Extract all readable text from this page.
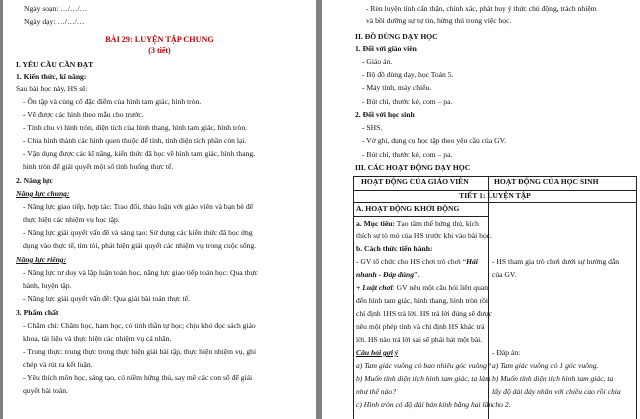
Ngày soạn: …/…/…
Ngày dạy: …/…/…
BÀI 29: LUYỆN TẬP CHUNG
(3 tiết)
I. YÊU CẦU CẦN ĐẠT
1. Kiến thức, kĩ năng:
Sau bài học này, HS sẽ:
- Ôn tập và củng cố đặc điểm của hình tam giác, hình tròn.
- Vẽ được các hình theo mẫu cho trước.
- Tính chu vi hình tròn, diện tích của hình thang, hình tam giác, hình tròn.
- Chia hình thành các hình quen thuộc để tính, tính diện tích phần còn lại.
- Vận dụng được các kĩ năng, kiến thức đã học về hình tam giác, hình thang,
hình tròn để giải quyết một số tình huống thực tế.
2. Năng lực
Năng lực chung:
- Năng lực giao tiếp, hợp tác: Trao đổi, thảo luận với giáo viên và bạn bè để
thực hiện các nhiệm vụ học tập.
- Năng lực giải quyết vấn đề và sáng tạo: Sử dụng các kiến thức đã học ứng
dụng vào thực tế, tìm tòi, phát hiện giải quyết các nhiệm vụ trong cuộc sống.
Năng lực riêng:
- Năng lực tư duy và lập luận toán học, năng lực giao tiếp toán học: Qua thực
hành, luyện tập.
- Năng lực giải quyết vấn đề: Qua giải bài toán thực tế.
3. Phẩm chất
- Chăm chỉ: Chăm học, ham học, có tinh thần tự học; chịu khó đọc sách giáo
khoa, tài liệu và thực hiện các nhiệm vụ cá nhân.
- Trung thực: trung thực trong thực hiện giải bài tập, thực hiện nhiệm vụ, ghi
chép và rút ra kết luận.
- Yêu thích môn học, sáng tạo, có niềm hứng thú, say mê các con số để giải
quyết bài toán.
- Rèn luyện tính cẩn thận, chính xác, phát huy ý thức chủ động, trách nhiệm
và bồi dưỡng sự tự tin, hứng thú trong việc học.
II. ĐỒ DÙNG DẠY HỌC
1. Đối với giáo viên
- Giáo án.
- Bộ đồ dùng dạy, học Toán 5.
- Máy tính, máy chiếu.
- Bút chì, thước kẻ, com – pa.
2. Đối với học sinh
- SHS.
- Vở ghi, dụng cụ học tập theo yêu cầu của GV.
- Bút chì, thước kẻ, com – pa.
III. CÁC HOẠT ĐỘNG DẠY HỌC
HOẠT ĐỘNG CỦA GIÁO VIÊN	HOẠT ĐỘNG CỦA HỌC SINH
TIẾT 1: LUYỆN TẬP
A. HOẠT ĐỘNG KHỞI ĐỘNG
a. Mục tiêu: Tạo tâm thế hứng thú, kích
thích sự tò mò của HS trước khi vào bài học.
b. Cách thức tiến hành:
- GV tổ chức cho HS chơi trò chơi “Hái
nhanh - Đáp đúng”.
+ Luật chơi: GV nêu một câu hỏi liên quan
đến hình tam giác, hình thang, hình tròn rồi
chỉ định 1HS trả lời. HS trả lời đúng sẽ được
nêu một phép tính và chỉ định HS khác trả
lời. HS nào trả lời sai sẽ phải hát một bài.
Câu hỏi gợi ý
a) Tam giác vuông có bao nhiêu góc vuông?
b) Muốn tính diện tích hình tam giác, ta làm
như thế nào?
c) Hình tròn có độ dài bán kính bằng hai lần
- HS tham gia trò chơi dưới sự hướng dẫn
của GV.
- Đáp án:
a) Tam giác vuông có 1 góc vuông.
b) Muốn tính diện tích hình tam giác, ta
lấy độ dài đáy nhân với chiều cao rồi chia
cho 2.
